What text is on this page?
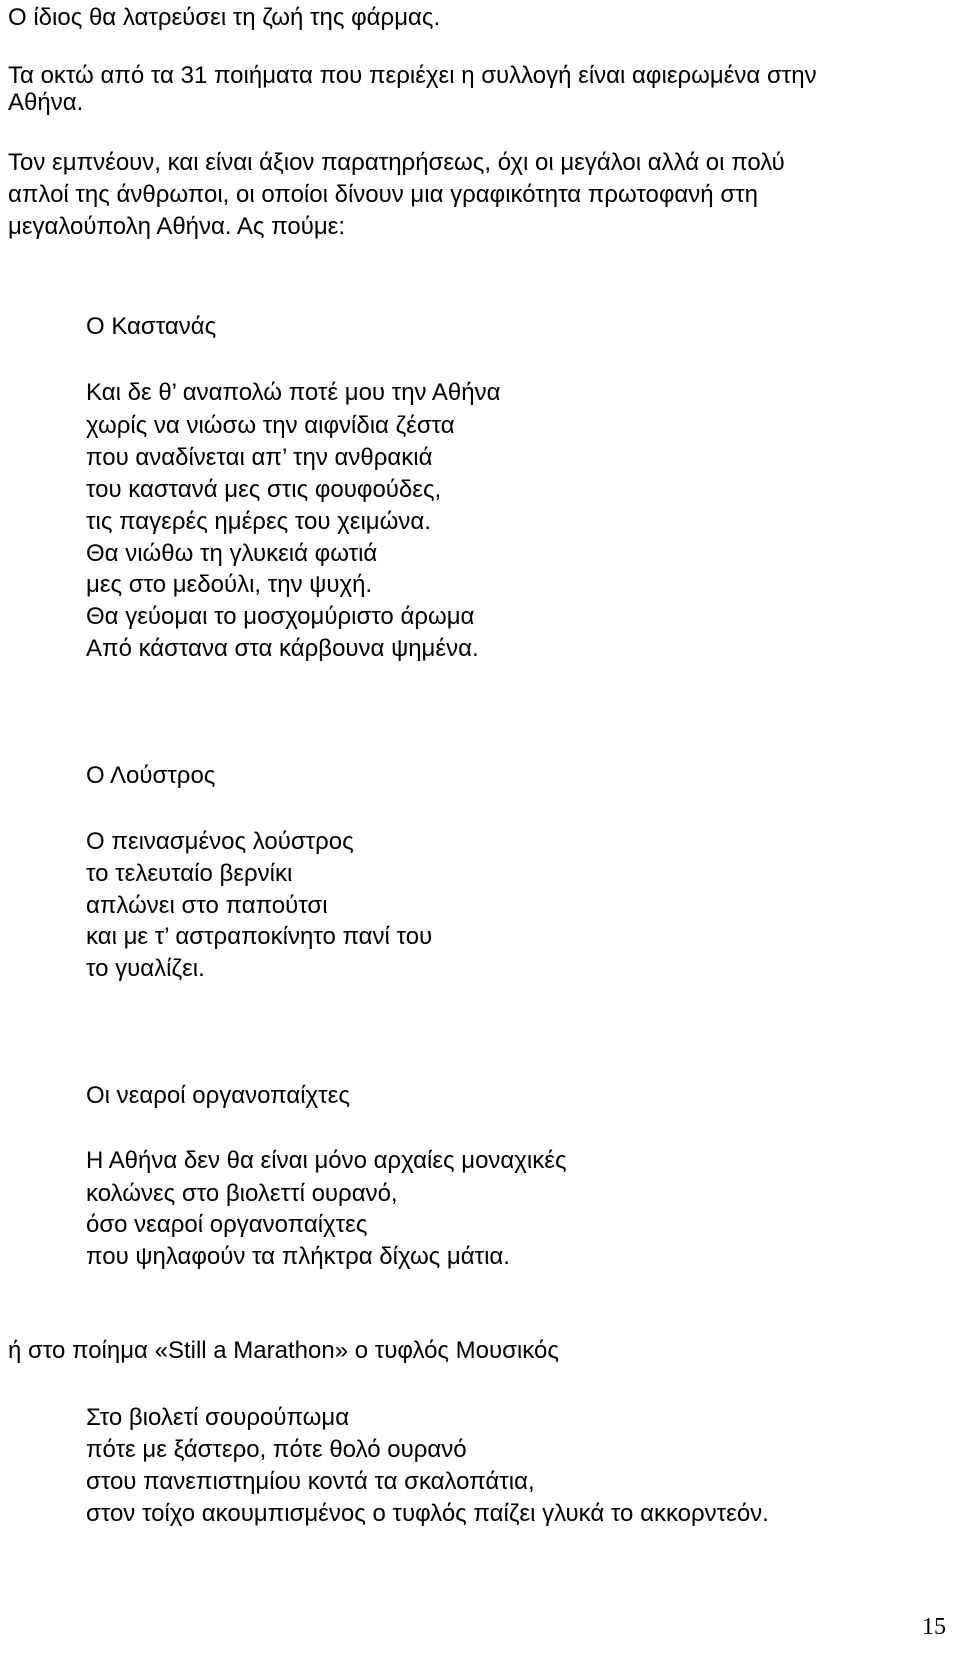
Ο ίδιος θα λατρεύσει τη ζωή της φάρμας.

Τα οκτώ από τα 31 ποιήματα που περιέχει η συλλογή είναι αφιερωμένα στην

Αθήνα.

Τον εμπνέουν, και είναι άξιον παρατηρήσεως, όχι οι μεγάλοι αλλά οι πολύ

απλοί της άνθρωποι, οι οποίοι δίνουν μια γραφικότητα πρωτοφανή στη

μεγαλούπολη Αθήνα. Ας πούμε:

Ο Καστανάς

Και δε θ’ αναπολώ ποτέ μου την Αθήνα

χωρίς να νιώσω την αιφνίδια ζέστα

που αναδίνεται απ’ την ανθρακιά

του καστανά μες στις φουφούδες,

τις παγερές ημέρες του χειμώνα.

Θα νιώθω τη γλυκειά φωτιά

μες στο μεδούλι, την ψυχή.

Θα γεύομαι το μοσχομύριστο άρωμα

Από κάστανα στα κάρβουνα ψημένα.

Ο Λούστρος

Ο πεινασμένος λούστρος

το τελευταίο βερνίκι

απλώνει στο παπούτσι

και με τ’ αστραποκίνητο πανί του

το γυαλίζει.

Οι νεαροί οργανοπαίχτες

Η Αθήνα δεν θα είναι μόνο αρχαίες μοναχικές

κολώνες στο βιολεττί ουρανό,

όσο νεαροί οργανοπαίχτες

που ψηλαφούν τα πλήκτρα δίχως μάτια.

ή στο ποίημα «Still a Marathon» ο τυφλός Μουσικός

Στο βιολετί σουρούπωμα

πότε με ξάστερο, πότε θολό ουρανό

στου πανεπιστημίου κοντά τα σκαλοπάτια,

στον τοίχο ακουμπισμένος ο τυφλός παίζει γλυκά το ακκορντεόν.

15
